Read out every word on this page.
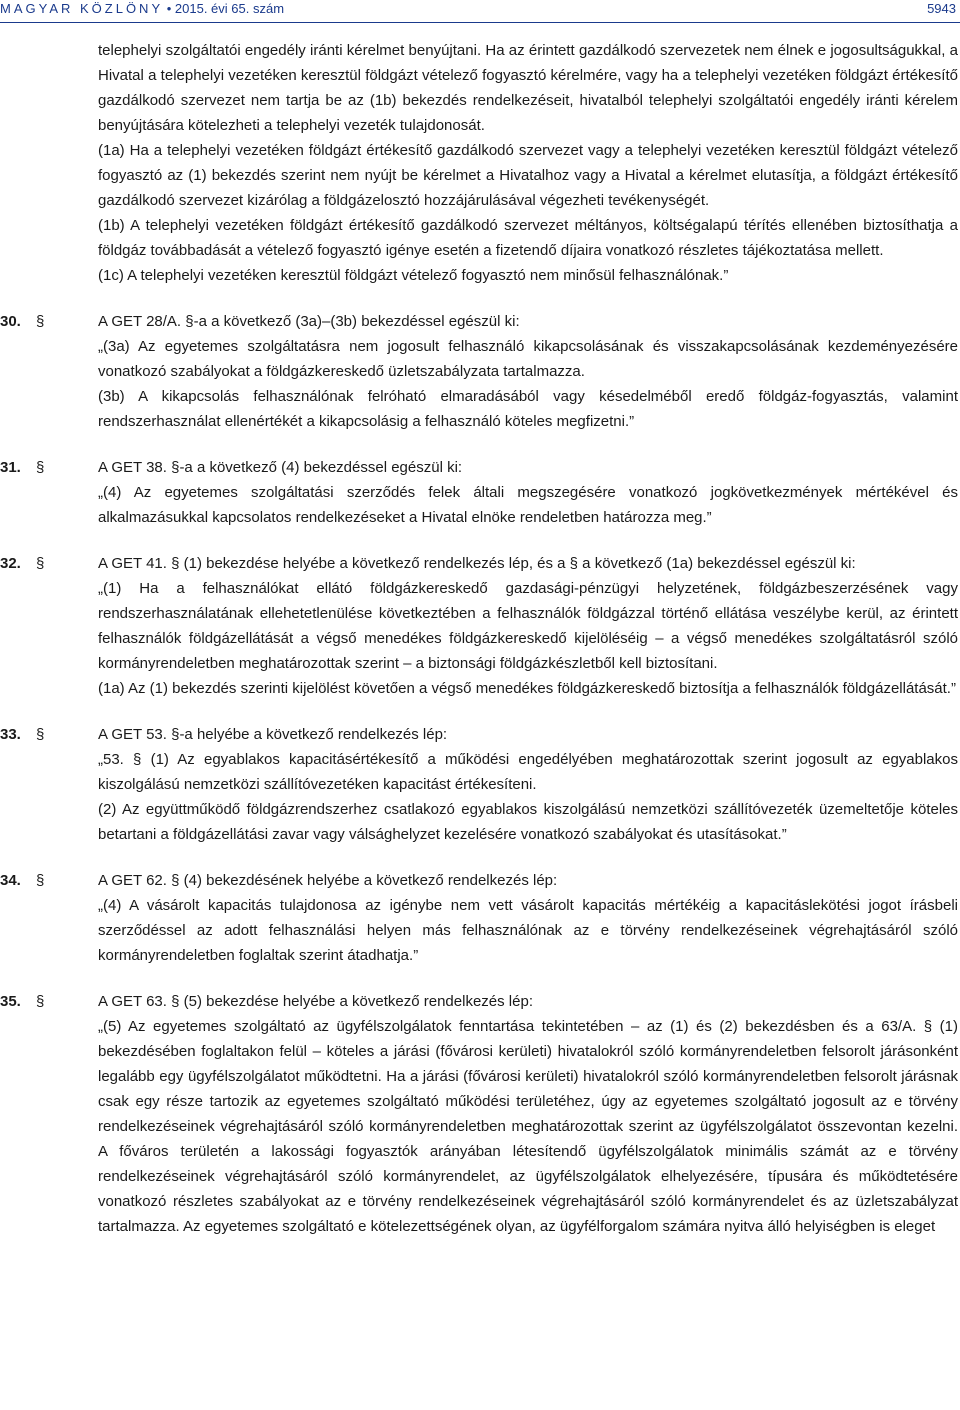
MAGYAR KÖZLÖNY • 2015. évi 65. szám	5943
telephelyi szolgáltatói engedély iránti kérelmet benyújtani. Ha az érintett gazdálkodó szervezetek nem élnek e jogosultságukkal, a Hivatal a telephelyi vezetéken keresztül földgázt vételező fogyasztó kérelmére, vagy ha a telephelyi vezetéken földgázt értékesítő gazdálkodó szervezet nem tartja be az (1b) bekezdés rendelkezéseit, hivatalból telephelyi szolgáltatói engedély iránti kérelem benyújtására kötelezheti a telephelyi vezeték tulajdonosát.
(1a) Ha a telephelyi vezetéken földgázt értékesítő gazdálkodó szervezet vagy a telephelyi vezetéken keresztül földgázt vételező fogyasztó az (1) bekezdés szerint nem nyújt be kérelmet a Hivatalhoz vagy a Hivatal a kérelmet elutasítja, a földgázt értékesítő gazdálkodó szervezet kizárólag a földgázelosztó hozzájárulásával végezheti tevékenységét.
(1b) A telephelyi vezetéken földgázt értékesítő gazdálkodó szervezet méltányos, költségalapú térítés ellenében biztosíthatja a földgáz továbbadását a vételező fogyasztó igénye esetén a fizetendő díjaira vonatkozó részletes tájékoztatása mellett.
(1c) A telephelyi vezetéken keresztül földgázt vételező fogyasztó nem minősül felhasználónak.”
30. §	A GET 28/A. §-a a következő (3a)–(3b) bekezdéssel egészül ki:
„(3a) Az egyetemes szolgáltatásra nem jogosult felhasználó kikapcsolásának és visszakapcsolásának kezdeményezésére vonatkozó szabályokat a földgázkereskedő üzletszabályzata tartalmazza.
(3b) A kikapcsolás felhasználónak felróható elmaradásából vagy késedelméből eredő földgáz-fogyasztás, valamint rendszerhasználat ellenértékét a kikapcsolásig a felhasználó köteles megfizetni.”
31. §	A GET 38. §-a a következő (4) bekezdéssel egészül ki:
„(4) Az egyetemes szolgáltatási szerződés felek általi megszegésére vonatkozó jogkövetkezmények mértékével és alkalmazásukkal kapcsolatos rendelkezéseket a Hivatal elnöke rendeletben határozza meg.”
32. §	A GET 41. § (1) bekezdése helyébe a következő rendelkezés lép, és a § a következő (1a) bekezdéssel egészül ki:
„(1) Ha a felhasználókat ellátó földgázkereskedő gazdasági-pénzügyi helyzetének, földgázbeszerzésének vagy rendszerhasználatának ellehetetlenülése következtében a felhasználók földgázzal történő ellátása veszélybe kerül, az érintett felhasználók földgázellátását a végső menedékes földgázkereskedő kijelöléséig – a végső menedékes szolgáltatásról szóló kormányrendeletben meghatározottak szerint – a biztonsági földgázkészletből kell biztosítani.
(1a) Az (1) bekezdés szerinti kijelölést követően a végső menedékes földgázkereskedő biztosítja a felhasználók földgázellátását.”
33. §	A GET 53. §-a helyébe a következő rendelkezés lép:
„53. § (1) Az egyablakos kapacitásértékesítő a működési engedélyében meghatározottak szerint jogosult az egyablakos kiszolgálású nemzetközi szállítóvezetéken kapacitást értékesíteni.
(2) Az együttműködő földgázrendszerhez csatlakozó egyablakos kiszolgálású nemzetközi szállítóvezeték üzemeltetője köteles betartani a földgázellátási zavar vagy válsághelyzet kezelésére vonatkozó szabályokat és utasításokat.”
34. §	A GET 62. § (4) bekezdésének helyébe a következő rendelkezés lép:
„(4) A vásárolt kapacitás tulajdonosa az igénybe nem vett vásárolt kapacitás mértékéig a kapacitáslekötési jogot írásbeli szerződéssel az adott felhasználási helyen más felhasználónak az e törvény rendelkezéseinek végrehajtásáról szóló kormányrendeletben foglaltak szerint átadhatja.”
35. §	A GET 63. § (5) bekezdése helyébe a következő rendelkezés lép:
„(5) Az egyetemes szolgáltató az ügyfélszolgálatok fenntartása tekintetében – az (1) és (2) bekezdésben és a 63/A. § (1) bekezdésében foglaltakon felül – köteles a járási (fővárosi kerületi) hivatalokról szóló kormányrendeletben felsorolt járásonként legalább egy ügyfélszolgálatot működtetni. Ha a járási (fővárosi kerületi) hivatalokról szóló kormányrendeletben felsorolt járásnak csak egy része tartozik az egyetemes szolgáltató működési területéhez, úgy az egyetemes szolgáltató jogosult az e törvény rendelkezéseinek végrehajtásáról szóló kormányrendeletben meghatározottak szerint az ügyfélszolgálatot összevontan kezelni. A főváros területén a lakossági fogyasztók arányában létesítendő ügyfélszolgálatok minimális számát az e törvény rendelkezéseinek végrehajtásáról szóló kormányrendelet, az ügyfélszolgálatok elhelyezésére, típusára és működtetésére vonatkozó részletes szabályokat az e törvény rendelkezéseinek végrehajtásáról szóló kormányrendelet és az üzletszabályzat tartalmazza. Az egyetemes szolgáltató e kötelezettségének olyan, az ügyfélforgalom számára nyitva álló helyiségben is eleget
